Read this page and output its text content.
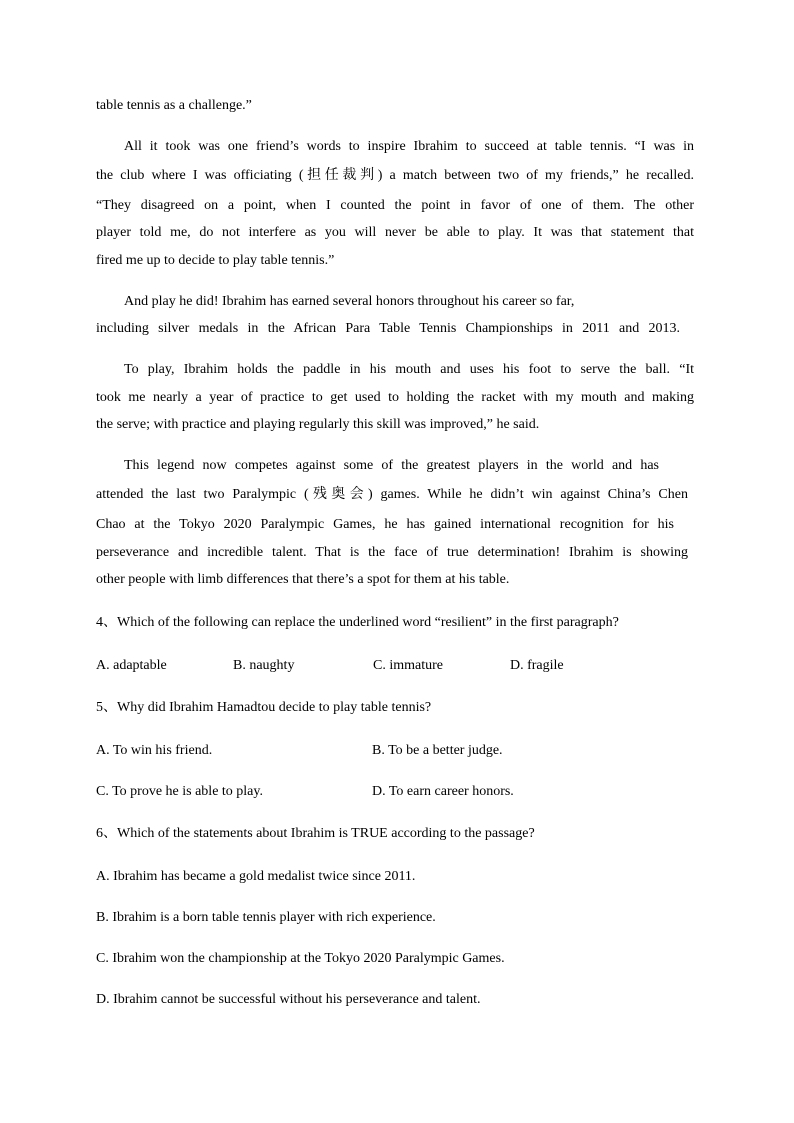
table tennis as a challenge.”
All it took was one friend’s words to inspire Ibrahim to succeed at table tennis. “I was in
the club where I was officiating (担任裁判) a match between two of my friends,” he recalled.
“They disagreed on a point, when I counted the point in favor of one of them. The other
player told me, do not interfere as you will never be able to play. It was that statement that
fired me up to decide to play table tennis.”
And play he did! Ibrahim has earned several honors throughout his career so far,
including silver medals in the African Para Table Tennis Championships in 2011 and 2013.
To play, Ibrahim holds the paddle in his mouth and uses his foot to serve the ball. “It
took me nearly a year of practice to get used to holding the racket with my mouth and making
the serve; with practice and playing regularly this skill was improved,” he said.
This legend now competes against some of the greatest players in the world and has
attended the last two Paralympic (残奥会) games. While he didn’t win against China’s Chen
Chao at the Tokyo 2020 Paralympic Games, he has gained international recognition for his
perseverance and incredible talent. That is the face of true determination! Ibrahim is showing
other people with limb differences that there’s a spot for them at his table.
4、Which of the following can replace the underlined word “resilient” in the first paragraph?
A. adaptable	B. naughty	C. immature	D. fragile
5、Why did Ibrahim Hamadtou decide to play table tennis?
A. To win his friend.	B. To be a better judge.
C. To prove he is able to play.	D. To earn career honors.
6、Which of the statements about Ibrahim is TRUE according to the passage?
A. Ibrahim has became a gold medalist twice since 2011.
B. Ibrahim is a born table tennis player with rich experience.
C. Ibrahim won the championship at the Tokyo 2020 Paralympic Games.
D. Ibrahim cannot be successful without his perseverance and talent.
